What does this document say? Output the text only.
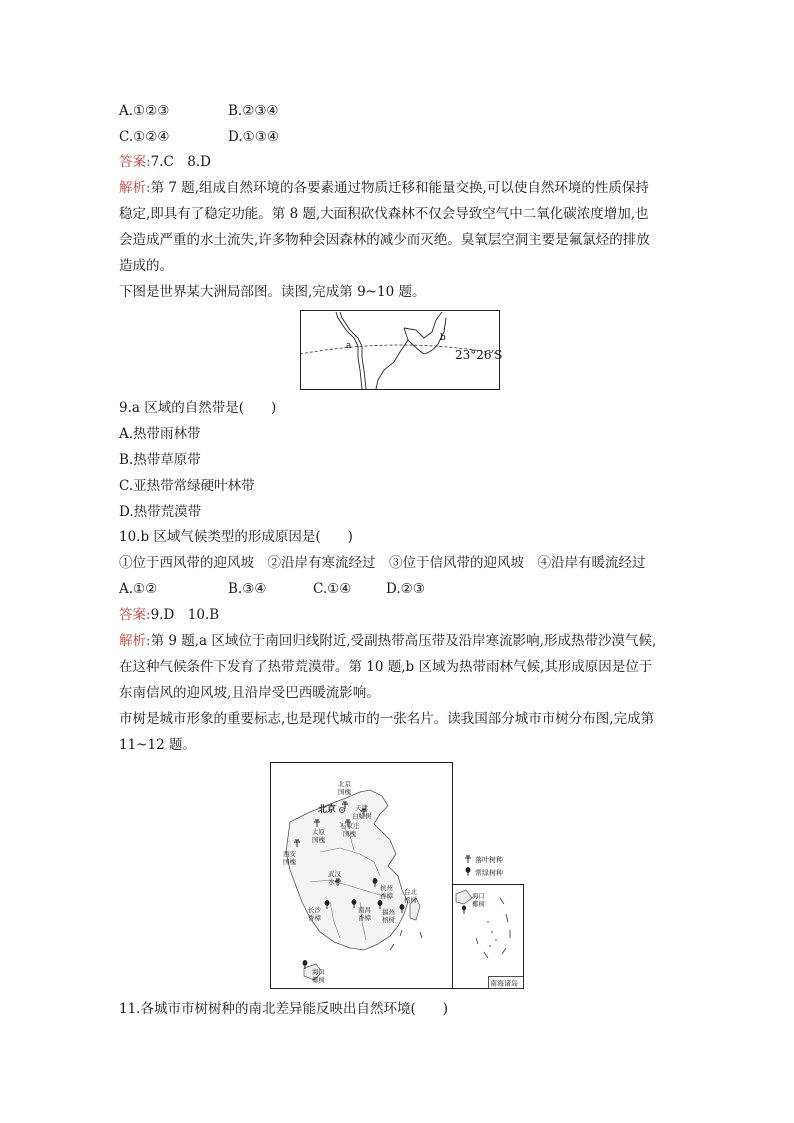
A.①②③	B.②③④
C.①②④	D.①③④
答案:7.C　8.D
解析:第 7 题,组成自然环境的各要素通过物质迁移和能量交换,可以使自然环境的性质保持
稳定,即具有了稳定功能。第 8 题,大面积砍伐森林不仅会导致空气中二氧化碳浓度增加,也
会造成严重的水土流失,许多物种会因森林的减少而灭绝。臭氧层空洞主要是氟氯烃的排放
造成的。
下图是世界某大洲局部图。读图,完成第 9~10 题。
a
b
23°26′S
9.a 区域的自然带是(　　)
A.热带雨林带
B.热带草原带
C.亚热带常绿硬叶林带
D.热带荒漠带
10.b 区域气候类型的形成原因是(　　)
①位于西风带的迎风坡　②沿岸有寒流经过　③位于信风带的迎风坡　④沿岸有暖流经过
A.①②	B.③④	C.①④	D.②③
答案:9.D　10.B
解析:第 9 题,a 区域位于南回归线附近,受副热带高压带及沿岸寒流影响,形成热带沙漠气候,
在这种气候条件下发育了热带荒漠带。第 10 题,b 区域为热带雨林气候,其形成原因是位于
东南信风的迎风坡,且沿岸受巴西暖流影响。
市树是城市形象的重要标志,也是现代城市的一张名片。读我国部分城市市树分布图,完成第
11~12 题。
北京
国槐
天津
白蜡树
石家庄
国槐
太原
国槐
西安
国槐
武汉
水杉
长沙
香樟
南昌
香樟
杭州
香樟
福州
榕树
台北
榕树
海口
椰树
北京
落叶树种
常绿树种
海口
椰树
南海诸岛
11.各城市市树树种的南北差异能反映出自然环境(　　)
